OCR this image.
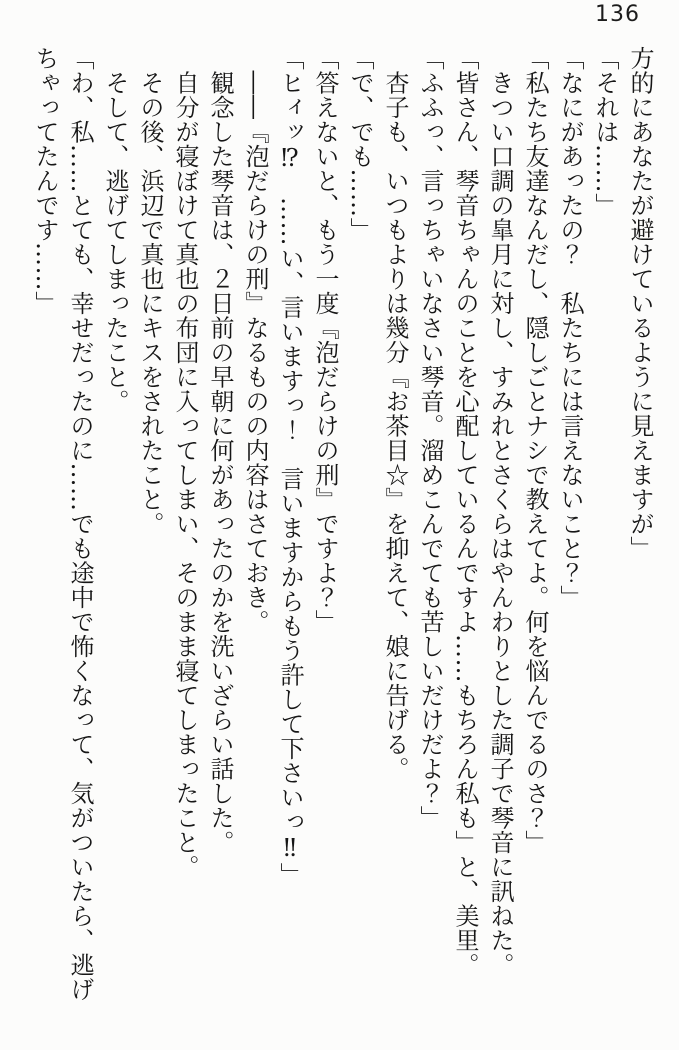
136

方的にあなたが避けているように見えますが」

「それは……」

「なにがあったの？　私たちには言えないこと？」

「私たち友達なんだし、隠しごとナシで教えてよ。何を悩んでるのさ？」

　きつい口調の皐月に対し、すみれとさくらはやんわりとした調子で琴音に訊ねた。

「皆さん、琴音ちゃんのことを心配しているんですよ……もちろん私も」と、美里。

「ふふっ、言っちゃいなさい琴音。溜めこんでても苦しいだけだよ？」

　杏子も、いつもよりは幾分『お茶目☆』を抑えて、娘に告げる。

「で、でも……」

「答えないと、もう一度『泡だらけの刑』ですよ？」

「ヒィッ⁉　……い、言いますっ！　言いますからもう許して下さいっ‼」

　――『泡だらけの刑』なるものの内容はさておき。

　観念した琴音は、２日前の早朝に何があったのかを洗いざらい話した。

　自分が寝ぼけて真也の布団に入ってしまい、そのまま寝てしまったこと。

　その後、浜辺で真也にキスをされたこと。

　そして、逃げてしまったこと。

「わ、私……とても、幸せだったのに……でも途中で怖くなって、気がついたら、逃げ

ちゃってたんです……」
